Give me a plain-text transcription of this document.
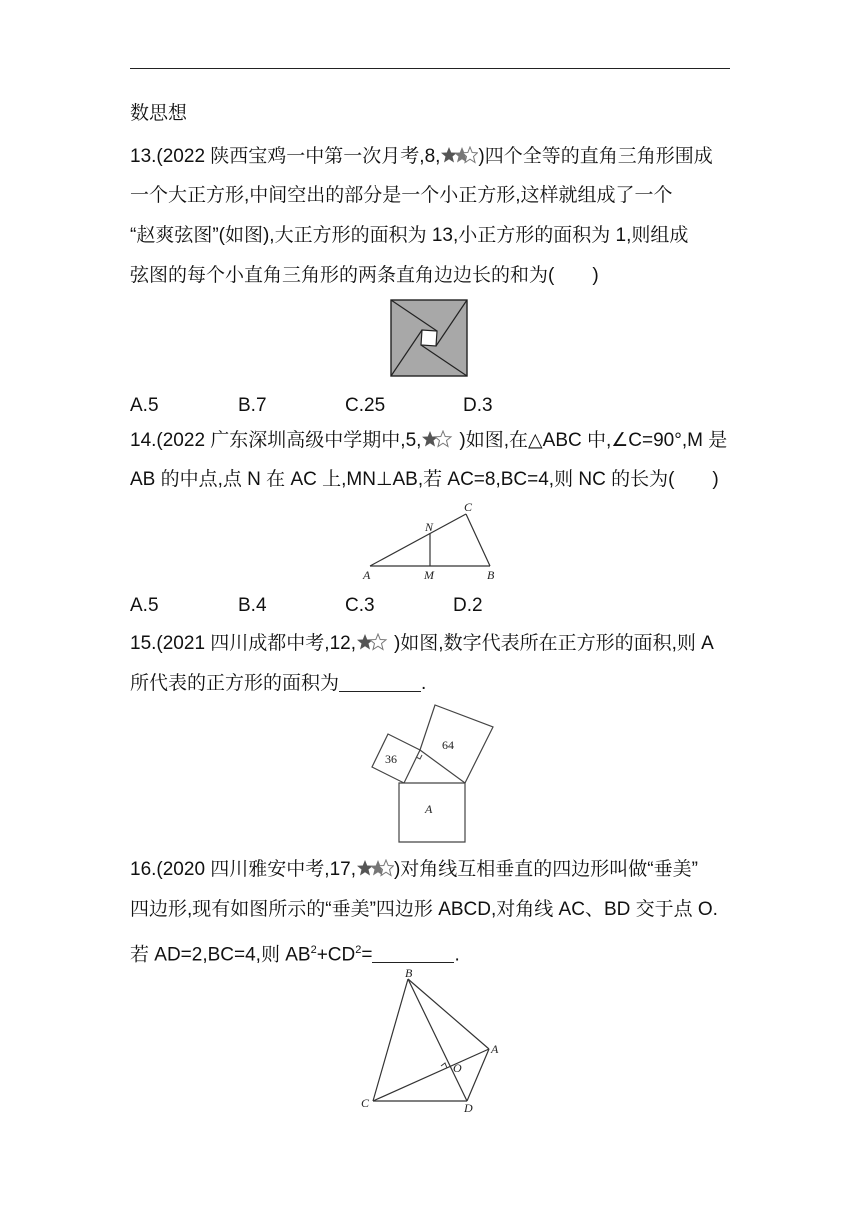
数思想
13.(2022 陕西宝鸡一中第一次月考,8, )四个全等的直角三角形围成
一个大正方形,中间空出的部分是一个小正方形,这样就组成了一个
“赵爽弦图”(如图),大正方形的面积为 13,小正方形的面积为 1,则组成
弦图的每个小直角三角形的两条直角边边长的和为(　　)
A.5	B.7	C.25	D.3
14.(2022 广东深圳高级中学期中,5, )如图,在△ABC 中,∠C=90°,M 是
AB 的中点,点 N 在 AC 上,MN⊥AB,若 AC=8,BC=4,则 NC 的长为(　　)
N
C
A	M	B
A.5	B.4	C.3	D.2
15.(2021 四川成都中考,12, )如图,数字代表所在正方形的面积,则 A
所代表的正方形的面积为	.
36
64
A
16.(2020 四川雅安中考,17, )对角线互相垂直的四边形叫做“垂美”
四边形,现有如图所示的“垂美”四边形 ABCD,对角线 AC、BD 交于点 O.
若 AD=2,BC=4,则 $AB^2+CD^2=$	.
B
A
O
C	D
